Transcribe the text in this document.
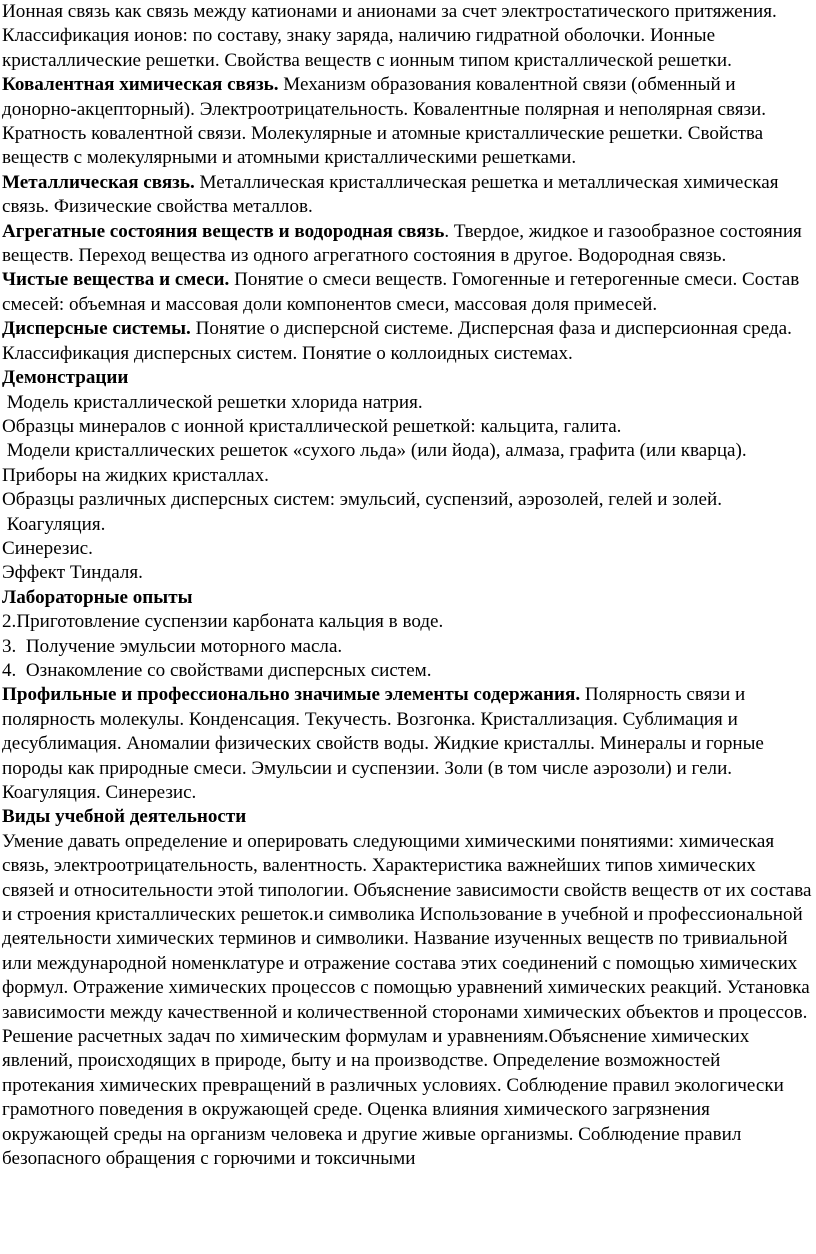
Ионная связь как связь между катионами и анионами за счет электростатического притяжения. Классификация ионов: по составу, знаку заряда, наличию гидратной оболочки. Ионные кристаллические решетки. Свойства веществ с ионным типом кристаллической решетки.

Ковалентная химическая связь. Механизм образования ковалентной связи (обменный и донорно-акцепторный). Электроотрицательность. Ковалентные полярная и неполярная связи. Кратность ковалентной связи. Молекулярные и атомные кристаллические решетки. Свойства веществ с молекулярными и атомными кристаллическими решетками.

Металлическая связь. Металлическая кристаллическая решетка и металлическая химическая связь. Физические свойства металлов.

Агрегатные состояния веществ и водородная связь. Твердое, жидкое и газообразное состояния веществ. Переход вещества из одного агрегатного состояния в другое. Водородная связь.

Чистые вещества и смеси. Понятие о смеси веществ. Гомогенные и гетерогенные смеси. Состав смесей: объемная и массовая доли компонентов смеси, массовая доля примесей.

Дисперсные системы. Понятие о дисперсной системе. Дисперсная фаза и дисперсионная среда. Классификация дисперсных систем. Понятие о коллоидных системах.

Демонстрации

Модель кристаллической решетки хлорида натрия.

Образцы минералов с ионной кристаллической решеткой: кальцита, галита.

Модели кристаллических решеток «сухого льда» (или йода), алмаза, графита (или кварца).

Приборы на жидких кристаллах.

Образцы различных дисперсных систем: эмульсий, суспензий, аэрозолей, гелей и золей.

Коагуляция.

Синерезис.

Эффект Тиндаля.

Лабораторные опыты

2.Приготовление суспензии карбоната кальция в воде.

3.  Получение эмульсии моторного масла.

4.  Ознакомление со свойствами дисперсных систем.

Профильные и профессионально значимые элементы содержания. Полярность связи и полярность молекулы. Конденсация. Текучесть. Возгонка. Кристаллизация. Сублимация и десублимация. Аномалии физических свойств воды. Жидкие кристаллы. Минералы и горные породы как природные смеси. Эмульсии и суспензии. Золи (в том числе аэрозоли) и гели. Коагуляция. Синерезис.

Виды учебной деятельности

Умение давать определение и оперировать следующими химическими понятиями: химическая связь, электроотрицательность, валентность. Характеристика важнейших типов химических связей и относительности этой типологии. Объяснение зависимости свойств веществ от их состава и строения кристаллических решеток.и символика Использование в учебной и профессиональной деятельности химических терминов и символики. Название изученных веществ по тривиальной или международной номенклатуре и отражение состава этих соединений с помощью химических формул. Отражение химических процессов с помощью уравнений химических реакций. Установка зависимости между качественной и количественной сторонами химических объектов и процессов. Решение расчетных задач по химическим формулам и уравнениям.Объяснение химических явлений, происходящих в природе, быту и на производстве. Определение возможностей протекания химических превращений в различных условиях. Соблюдение правил экологически грамотного поведения в окружающей среде. Оценка влияния химического загрязнения окружающей среды на организм человека и другие живые организмы. Соблюдение правил безопасного обращения с горючими и токсичными
